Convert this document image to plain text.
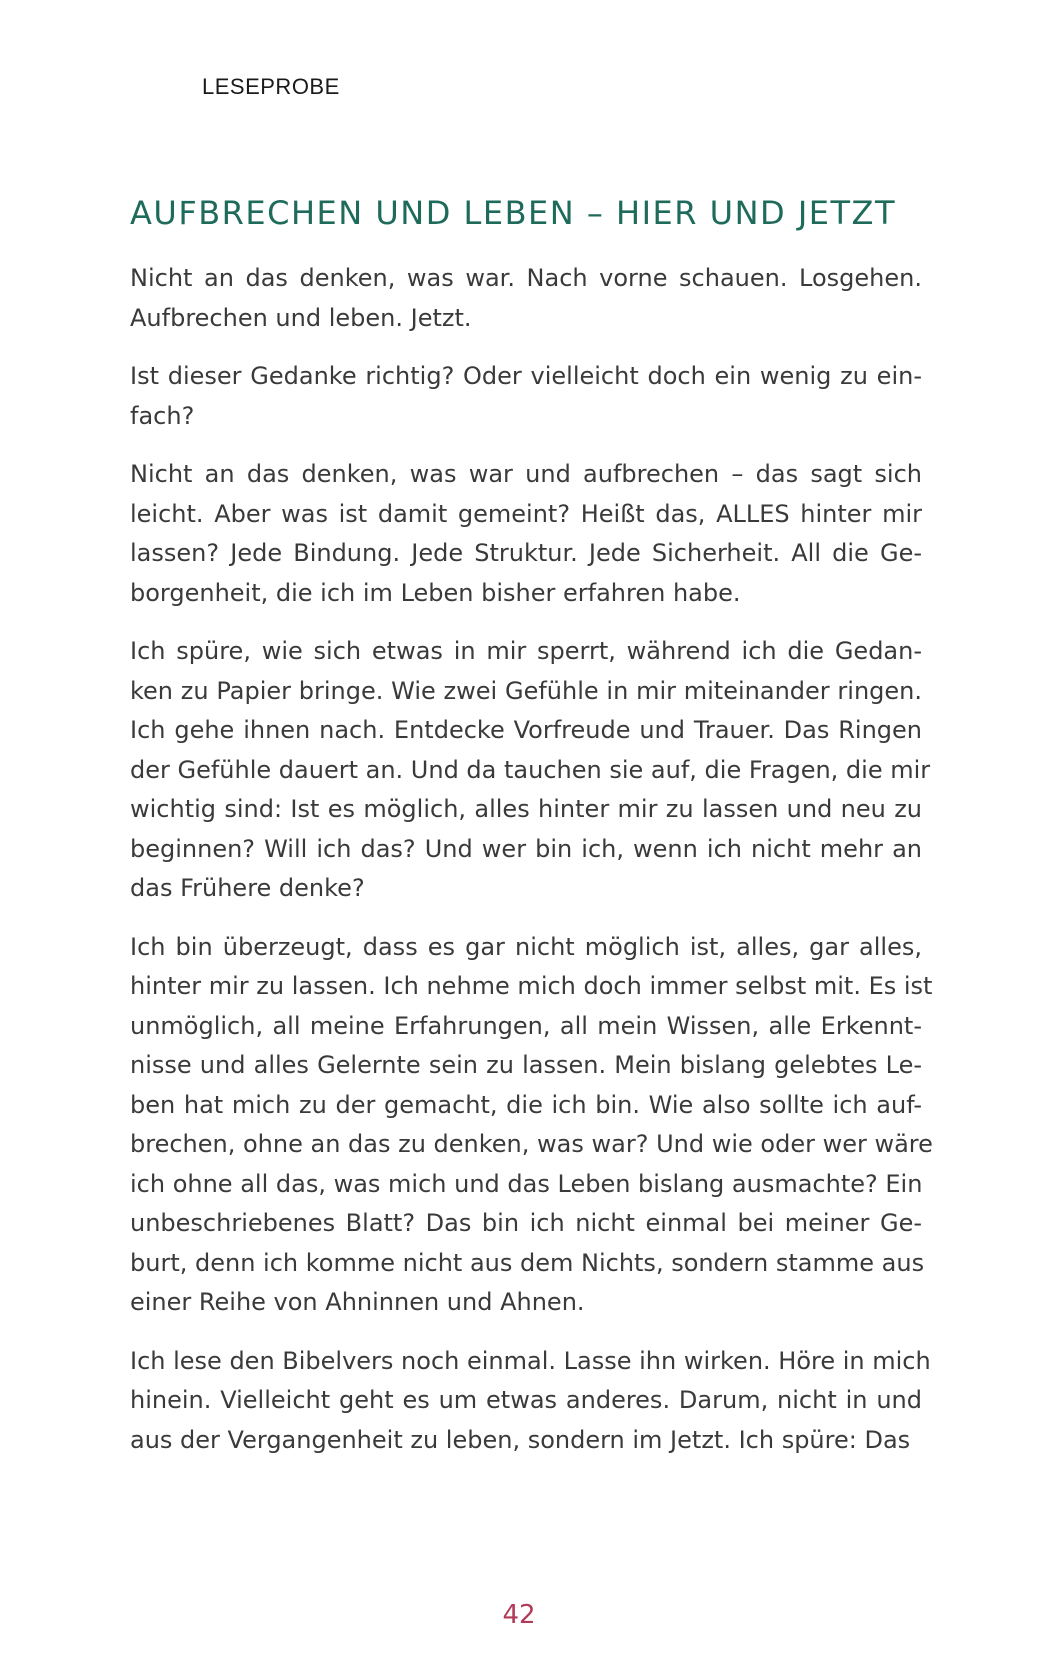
LESEPROBE
AUFBRECHEN UND LEBEN – HIER UND JETZT

Nicht an das denken, was war. Nach vorne schauen. Losgehen.
Aufbrechen und leben. Jetzt.

Ist dieser Gedanke richtig? Oder vielleicht doch ein wenig zu ein-
fach?

Nicht an das denken, was war und aufbrechen – das sagt sich
leicht. Aber was ist damit gemeint? Heißt das, ALLES hinter mir
lassen? Jede Bindung. Jede Struktur. Jede Sicherheit. All die Ge-
borgenheit, die ich im Leben bisher erfahren habe.

Ich spüre, wie sich etwas in mir sperrt, während ich die Gedan-
ken zu Papier bringe. Wie zwei Gefühle in mir miteinander ringen.
Ich gehe ihnen nach. Entdecke Vorfreude und Trauer. Das Ringen
der Gefühle dauert an. Und da tauchen sie auf, die Fragen, die mir
wichtig sind: Ist es möglich, alles hinter mir zu lassen und neu zu
beginnen? Will ich das? Und wer bin ich, wenn ich nicht mehr an
das Frühere denke?

Ich bin überzeugt, dass es gar nicht möglich ist, alles, gar alles,
hinter mir zu lassen. Ich nehme mich doch immer selbst mit. Es ist
unmöglich, all meine Erfahrungen, all mein Wissen, alle Erkennt-
nisse und alles Gelernte sein zu lassen. Mein bislang gelebtes Le-
ben hat mich zu der gemacht, die ich bin. Wie also sollte ich auf-
brechen, ohne an das zu denken, was war? Und wie oder wer wäre
ich ohne all das, was mich und das Leben bislang ausmachte? Ein
unbeschriebenes Blatt? Das bin ich nicht einmal bei meiner Ge-
burt, denn ich komme nicht aus dem Nichts, sondern stamme aus
einer Reihe von Ahninnen und Ahnen.

Ich lese den Bibelvers noch einmal. Lasse ihn wirken. Höre in mich
hinein. Vielleicht geht es um etwas anderes. Darum, nicht in und
aus der Vergangenheit zu leben, sondern im Jetzt. Ich spüre: Das

42
